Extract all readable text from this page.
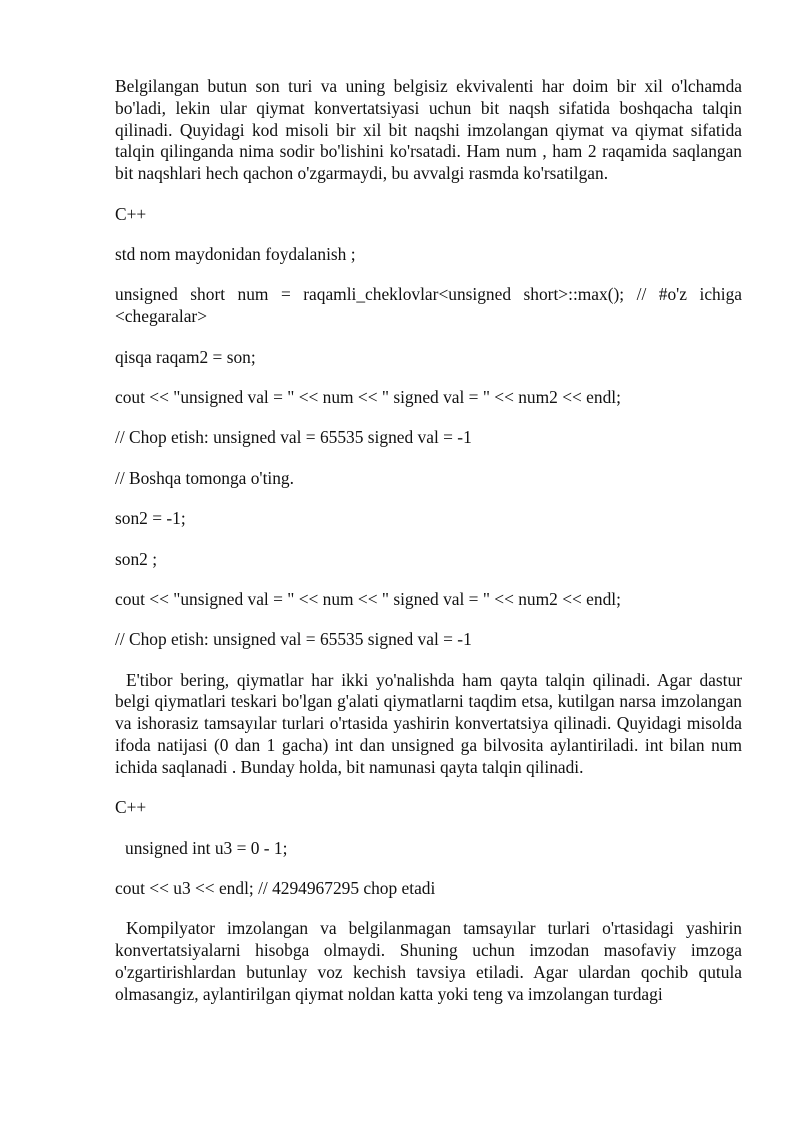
Belgilangan butun son turi va uning belgisiz ekvivalenti har doim bir xil o'lchamda bo'ladi, lekin ular qiymat konvertatsiyasi uchun bit naqsh sifatida boshqacha talqin qilinadi. Quyidagi kod misoli bir xil bit naqshi imzolangan qiymat va qiymat sifatida talqin qilinganda nima sodir bo'lishini ko'rsatadi. Ham num , ham 2 raqamida saqlangan bit naqshlari hech qachon o'zgarmaydi, bu avvalgi rasmda ko'rsatilgan.

C++

std nom maydonidan foydalanish ;

unsigned short num = raqamli_cheklovlar<unsigned short>::max(); // #o'z ichiga <chegaralar>

qisqa raqam2 = son;

cout << "unsigned val = " << num << " signed val = " << num2 << endl;

// Chop etish: unsigned val = 65535 signed val = -1

// Boshqa tomonga o'ting.

son2 = -1;

son2 ;

cout << "unsigned val = " << num << " signed val = " << num2 << endl;

// Chop etish: unsigned val = 65535 signed val = -1

E'tibor bering, qiymatlar har ikki yo'nalishda ham qayta talqin qilinadi. Agar dastur belgi qiymatlari teskari bo'lgan g'alati qiymatlarni taqdim etsa, kutilgan narsa imzolangan va ishorasiz tamsayılar turlari o'rtasida yashirin konvertatsiya qilinadi. Quyidagi misolda ifoda natijasi (0 dan 1 gacha) int dan unsigned ga bilvosita aylantiriladi. int bilan num ichida saqlanadi . Bunday holda, bit namunasi qayta talqin qilinadi.

C++

unsigned int u3 = 0 - 1;

cout << u3 << endl; // 4294967295 chop etadi

Kompilyator imzolangan va belgilanmagan tamsayılar turlari o'rtasidagi yashirin konvertatsiyalarni hisobga olmaydi. Shuning uchun imzodan masofaviy imzoga o'zgartirishlardan butunlay voz kechish tavsiya etiladi. Agar ulardan qochib qutula olmasangiz, aylantirilgan qiymat noldan katta yoki teng va imzolangan turdagi
